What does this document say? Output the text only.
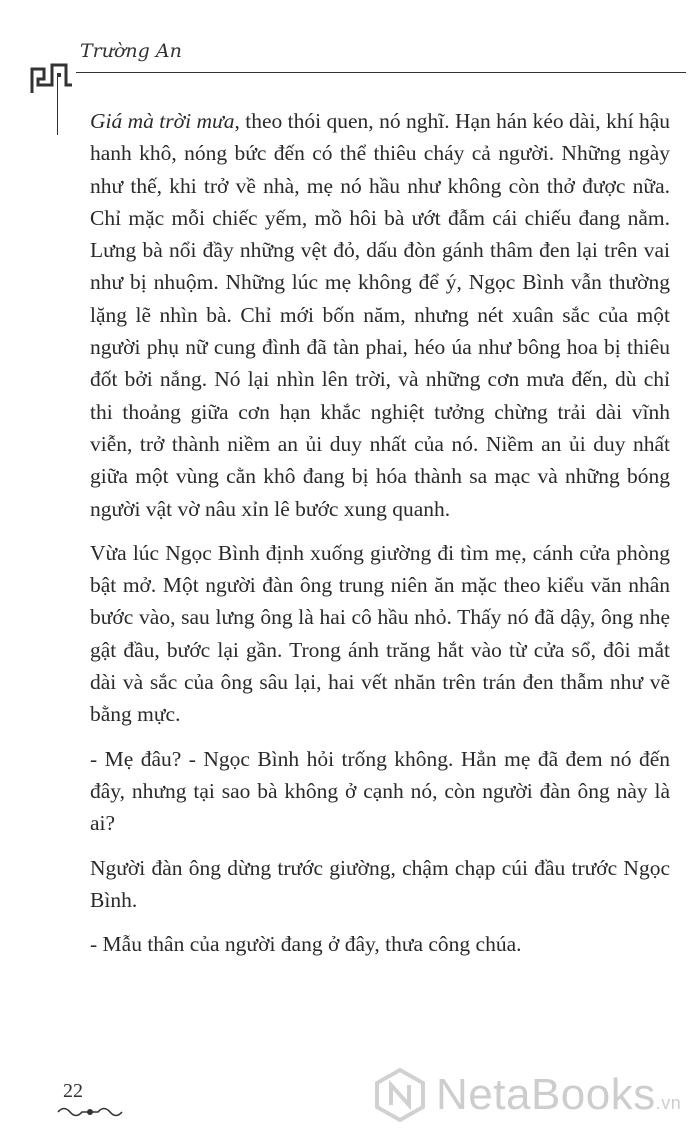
Trường An

Giá mà trời mưa, theo thói quen, nó nghĩ. Hạn hán kéo dài, khí hậu hanh khô, nóng bức đến có thể thiêu cháy cả người. Những ngày như thế, khi trở về nhà, mẹ nó hầu như không còn thở được nữa. Chỉ mặc mỗi chiếc yếm, mồ hôi bà ướt đẫm cái chiếu đang nằm. Lưng bà nổi đầy những vệt đỏ, dấu đòn gánh thâm đen lại trên vai như bị nhuộm. Những lúc mẹ không để ý, Ngọc Bình vẫn thường lặng lẽ nhìn bà. Chỉ mới bốn năm, nhưng nét xuân sắc của một người phụ nữ cung đình đã tàn phai, héo úa như bông hoa bị thiêu đốt bởi nắng. Nó lại nhìn lên trời, và những cơn mưa đến, dù chỉ thi thoảng giữa cơn hạn khắc nghiệt tưởng chừng trải dài vĩnh viễn, trở thành niềm an ủi duy nhất của nó. Niềm an ủi duy nhất giữa một vùng cằn khô đang bị hóa thành sa mạc và những bóng người vật vờ nâu xỉn lê bước xung quanh.

Vừa lúc Ngọc Bình định xuống giường đi tìm mẹ, cánh cửa phòng bật mở. Một người đàn ông trung niên ăn mặc theo kiểu văn nhân bước vào, sau lưng ông là hai cô hầu nhỏ. Thấy nó đã dậy, ông nhẹ gật đầu, bước lại gần. Trong ánh trăng hắt vào từ cửa sổ, đôi mắt dài và sắc của ông sâu lại, hai vết nhăn trên trán đen thẫm như vẽ bằng mực.

- Mẹ đâu? - Ngọc Bình hỏi trống không. Hẳn mẹ đã đem nó đến đây, nhưng tại sao bà không ở cạnh nó, còn người đàn ông này là ai?

Người đàn ông dừng trước giường, chậm chạp cúi đầu trước Ngọc Bình.

- Mẫu thân của người đang ở đây, thưa công chúa.

22	NetaBooks.vn
